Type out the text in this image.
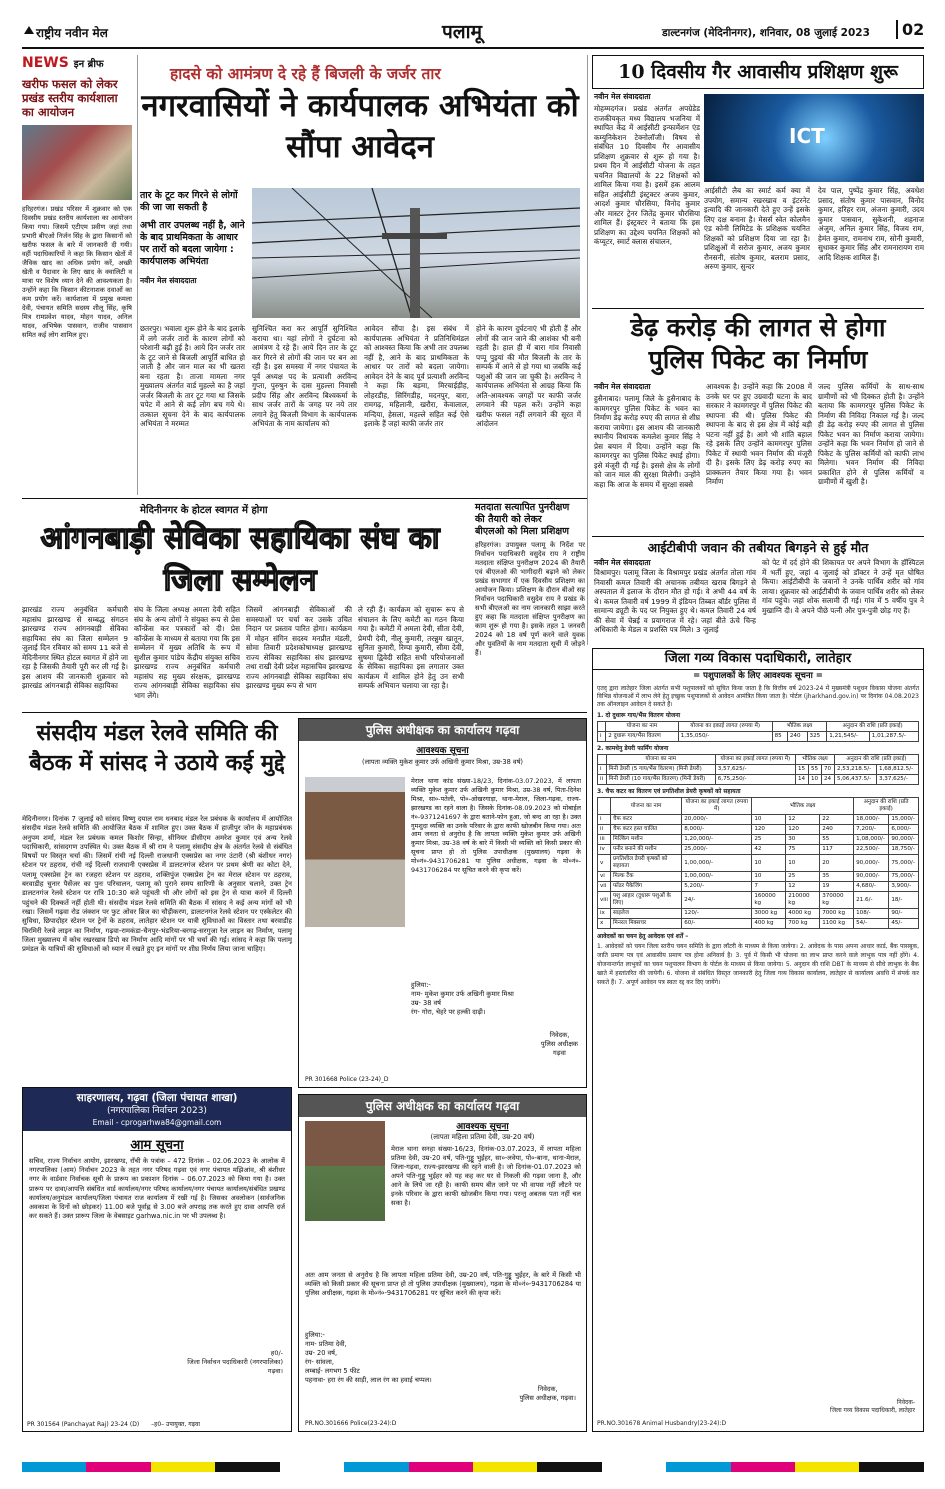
राष्ट्रीय नवीन मेल	पलामू	डाल्टनगंज (मेदिनीनगर), शनिवार, 08 जुलाई 2023	02
NEWS इन ब्रीफ
खरीफ फसल को लेकर प्रखंड स्तरीय कार्यशाला का आयोजन
हरिहरगंज। प्रखंड परिसर में शुक्रवार को एक दिवसीय प्रखंड स्तरीय कार्यशाला का आयोजन किया गया। जिसमें एटीएम प्रवीण जहां तथा प्रभारी बीएओ निर्जन सिंह के द्वारा किसानों को खरीफ फसल के बारे में जानकारी दी गयी। वहीं पदाधिकारियों ने कहा कि किसान खेतों में जैविक खाद का अधिक प्रयोग करें, अच्छी खेती व पैदावार के लिए खाद के क्वालिटी व मात्रा पर विशेष ध्यान देने की आवश्यकता है। उन्होंने कहा कि किसान कीटनाशक दवाओं का कम प्रयोग करें। कार्यशाला में प्रमुख कमला देवी, पंचायत समिति सदस्य शीलू सिंह, कृषि मित्र रामप्रवेश यादव, मोहन यादव, अनिल यादव, अभिषेक पासवान, राजीव पासवान समित कई लोग शामिल हुए।
हादसे को आमंत्रण दे रहे हैं बिजली के जर्जर तार
नगरवासियों ने कार्यपालक अभियंता को सौंपा आवेदन
तार के टूट कर गिरने से लोगों की जा जा सकती है
अभी तार उपलब्ध नहीं है, आने के बाद प्राथमिकता के आधार पर तारों को बदला जायेगा : कार्यपालक अभियंता
नवीन मेल संवाददाता
छतरपुर। भवाला शुरू होने के बाद इलाके में लगे जर्जर तारों के कारण लोगों को परेशानी बढ़ी हुई है। आये दिन जर्जर तार के टूट जाने से बिजली आपूर्ति बाधित हो जाती है और जान माल का भी खतरा बना रहता है। ताजा मामला नगर मुख्यालय अंतर्गत वार्ड मुहल्ले का है जहां जर्जर बिजली के तार टूट गया था जिसके चपेट में आने से कई लोग बच गये थे। तत्काल सूचना देने के बाद कार्यपालक अभियंता ने मरम्मत
सुनिश्चित करा कर आपूर्ति सुनिश्चित कराया था। यहां लोगों ने दुर्घटना को आमंत्रण दे रहे हैं। आये दिन तार के टूट कर गिरने से लोगों की जान पर बन आ रही है। इस समस्या में नगर पंचायत के पूर्व अध्यक्ष पद के प्रत्याशी अरविन्द गुप्ता, पुरुषुन के दास मुहल्ला निवासी प्रदीप सिंह और अरविन्द बिश्वकर्मा के साथ जर्जर तारों के जगह पर नये तार लगाने हेतु बिजली विभाग के कार्यपालक अभियंता के नाम कार्यालय को
आवेदन सौंपा है। इस संबंध में कार्यपालक अभियंता ने प्रतिनिधिमंडल को आश्वस्त किया कि अभी तार उपलब्ध नहीं है, आने के बाद प्राथमिकता के आधार पर तारों को बदला जायेगा। आवेदन देने के बाद पूर्व प्रत्याशी अरविन्द ने कहा कि बड़मा, मिरचाईड़ीह, लोहरडीह, सिरिंगडीह, मदनपुर, बारा, रामगढ़, महिलानी, खरौरा, केवालाल, मन्दिया, हेसला, महल्ले सहित कई ऐसे इलाके हैं जहां काफी जर्जर तार
होने के कारण दुर्घटनाएं भी होती हैं और लोगों की जान जाने की आशंका भी बनी रहती है। हाल ही में बारा गांव निवासी पप्पू पुइयां की मौत बिजली के तार के सम्पर्क में आने से हो गया था जबकि कई पशुओं की जान जा चुकी है। अरविन्द ने कार्यपालक अभियंता से आग्रह किया कि अति-आवश्यक जगहों पर काफी जर्जर लगवाने की पहल करें। उन्होंने कहा खरीफ फसल नहीं लगवाने की सूरत में आंदोलन
10 दिवसीय गैर आवासीय प्रशिक्षण शुरू
नवीन मेल संवाददाता
मोहम्मदगंज। प्रखंड अंतर्गत अपग्रेडेड राजकीयकृत मध्य विद्यालय भजनिया में स्थापित केंद्र में आईसीटी इन्फार्मेशन एंड कम्युनिकेशन टेक्नोलॉजी। विषय से संबंधित 10 दिवसीय गैर आवासीय प्रशिक्षण शुक्रवार से शुरू हो गया है। प्रथम दिन में आईसीटी योजना के तहत चयनित विद्यालयों के 22 शिक्षकों को शामिल किया गया है। इसमें हक आलम सहित आईसीटी इंस्ट्रक्टर अजय कुमार, आदर्श कुमार चौरसिया, विनोद कुमार और मास्टर ट्रेनर जितेंद्र कुमार चौरसिया शामिल हैं। इंस्ट्रक्टर ने बताया कि इस प्रशिक्षण का उद्देश्य चयनित शिक्षकों को कंप्यूटर, स्मार्ट क्लास संचालन,
ICT
आईसीटी लैब का स्मार्ट कर्म क्या में उपयोग, समान्य रखरखाव व इंटरनेट इत्यादि की जानकारी देते हुए उन्हें इसके लिए दक्ष बनाना है। मेसर्स स्वेत कोलमैन एंड कोनी लिमिटेड के प्रशिक्षक चयनित शिक्षकों को प्रशिक्षण दिया जा रहा है। प्रशिक्षुओं में सरोज कुमार, अजय कुमार रौनसनी, संतोष कुमार, बलराम प्रसाद, अरुण कुमार, सुन्दर
देव पाल, पुष्पेंद्र कुमार सिंह, अवधेश प्रसाद, संतोष कुमार पासवान, विनोद कुमार, हरिहर राम, अंजना कुमारी, उदय कुमार पासवान, सुकेशनी, शहनाज अंजुम, अनिल कुमार सिंह, विजय राम, हेमंत कुमार, रामनाथ राम, सोनी कुमारी, सुधाकर कुमार सिंह और रामनारायण राम आदि शिक्षक शामिल हैं।
डेढ़ करोड़ की लागत से होगा
पुलिस पिकेट का निर्माण
नवीन मेल संवाददाता
हुसैनाबाद। पलामू जिले के हुसैनाबाद के कामगरपुर पुलिस पिकेट के भवन का निर्माण डेढ़ करोड़ रुपए की लागत से शीघ्र कराया जायेगा। इस आशय की जानकारी स्थानीय विधायक कमलेश कुमार सिंह ने प्रेस बयान में दिया। उन्होंने कहा कि कामगरपुर का पुलिस पिकेट स्थाई होगा। इसे मंजूरी दी गई है। इससे क्षेत्र के लोगों को जान माल की सुरक्षा मिलेगी। उन्होंने कहा कि आज के समय में सुरक्षा सबसे
आवश्यक है। उन्होंने कहा कि 2008 में उनके घर पर हुए उग्रवादी घटना के बाद सरकार ने कामगरपुर में पुलिस पिकेट की स्थापना की थी। पुलिस पिकेट की स्थापना के बाद से इस क्षेत्र में कोई बड़ी घटना नहीं हुई है। आगे भी शांति बहाल रहे इसके लिए उन्होंने कामगरपुर पुलिस पिकेट में स्थायी भवन निर्माण की मंजूरी दी है। इसके लिए डेढ़ करोड़ रुपए का प्राक्कलन तैयार किया गया है। भवन निर्माण
जल्द पुलिस कर्मियों के साथ-साथ ग्रामीणों को भी दिक्कत होती है। उन्होंने बताया कि कामगरपुर पुलिस पिकेट के निर्माण की निविदा निकाल गई है। जल्द ही डेढ़ करोड़ रुपए की लागत से पुलिस पिकेट भवन का निर्माण कराया जायेगा। उन्होंने कहा कि भवन निर्माण हो जाने से पिकेट के पुलिस कर्मियों को काफी लाभ मिलेगा। भवन निर्माण की निविदा प्रकाशित होने से पुलिस कर्मियों व ग्रामीणों में खुशी है।
मेदिनीनगर के होटल स्वागत में होगा
आंगनबाड़ी सेविका सहायिका संघ का जिला सम्मेलन
झारखंड राज्य अनुबंधित कर्मचारी महासंघ झारखण्ड से सम्बद्ध संगठन झारखण्ड राज्य आंगनबाड़ी सेविका सहायिका संघ का जिला सम्मेलन 9 जुलाई दिन रविवार को समय 11 बजे से मेदिनीनगर स्थित होटल स्वागत में होने जा रहा है जिसकी तैयारी पूरी कर ली गई है। इस आशय की जानकारी शुक्रवार को झारखंड आंगनबाड़ी सेविका सहायिका
संघ के जिला अध्यक्ष अमला देवी सहित संघ के अन्य लोगों ने संयुक्त रूप से प्रेस कॉन्फ्रेंस कर पत्रकारों को दी। प्रेस कॉन्फ्रेंस के माध्यम से बताया गया कि इस सम्मेलन में मुख्य अतिथि के रूप में सुशील कुमार पांडेय केंद्रीय संयुक्त सचिव झारखण्ड राज्य अनुबंधित कर्मचारी महासंघ सह मुख्य संरक्षक, झारखण्ड राज्य आंगनबाड़ी सेविका सहायिका संघ भाग लेंगे।
जिसमें आंगनबाड़ी सेविकाओं की समस्याओं पर चर्चा कर उसके उचित निदान पर प्रस्ताव पारित होगा। कार्यक्रम में मोहन संगिन सदस्य मनप्रीत मंडली, सोमा तिवारी प्रदेशकोषाध्यक्ष झारखण्ड राज्य सेविका सहायिका संघ झारखण्ड तथा राखी देवी प्रदेश महासचिव झारखण्ड राज्य आंगनबाड़ी सेविका सहायिका संघ झारखण्ड मुख्य रूप से भाग
ले रही हैं। कार्यक्रम को सुचारू रूप से संचालन के लिए कमेटी का गठन किया गया है। कमेटी में अमला देवी, सीता देवी, प्रेमपी देवी, नीलू कुमारी, तरन्नुम खातून, सुनिता कुमारी, रिम्पा कुमारी, सीमा देवी, सुषमा द्विवेदी सहित सभी परियोजनाओं के सेविका सहायिका इस लगातार उक्त कार्यक्रम में शामिल होने हेतु उन सभी सम्पर्क अभियान चलाया जा रहा है।
मतदाता सत्यापित पुनरीक्षण
की तैयारी को लेकर
बीएलओ को मिला प्रशिक्षण
हरिहरगंज। उपायुक्त पलामू के निर्देश पर निर्वाचन पदाधिकारी वसुदेव राय ने राष्ट्रीय मतदाता संक्षिप्त पुनरीक्षण 2024 की तैयारी एवं बीएलओ की भागीदारी बढ़ाने को लेकर प्रखंड सभागार में एक दिवसीय प्रशिक्षण का आयोजन किया। प्रशिक्षण के दौरान बीओ सह निर्वाचन पदाधिकारी वसुदेव राय ने प्रखंड के सभी बीएलओ का नाम जानकारी साझा करते हुए कहा कि मतदाता संक्षिप्त पुनरीक्षण का काम शुरू हो गया है। इसके तहत 1 जनवरी 2024 को 18 वर्ष पूर्ण करने वाले युवक और युवतियों के नाम मतदाता सूची में जोड़ने हैं।
आईटीबीपी जवान की तबीयत बिगड़ने से हुई मौत
नवीन मेल संवाददाता
विश्रामपुर। पलामू जिला के विश्रामपुर प्रखंड अंतर्गत तोला गांव निवासी कमल तिवारी की अचानक तबीयत खराब बिगड़ने से अस्पताल में इलाज के दौरान मौत हो गई। वे अभी 44 वर्ष के थे। कमल तिवारी वर्ष 1999 में इंडियन तिब्बत बॉर्डर पुलिस में सामान्य ड्यूटी के पद पर नियुक्त हुए थे। कमल तिवारी 24 वर्ष की सेवा में चेन्नई व प्रयागराज में रहे। जहां बीते ऊंचे चिन्ह अधिकारी के मेडल व प्रशस्ति पत्र मिले। 3 जुलाई
को पेट में दर्द होने की शिकायत पर अपने विभाग के हॉस्पिटल में भर्ती हुए, जहां 4 जुलाई को डॉक्टर ने उन्हें मृत घोषित किया। आईटीबीपी के जवानों ने उनके पार्थिव शरीर को गांव लाया। शुक्रवार को आईटीबीपी के जवान पार्थिव शरीर को लेकर गांव पहुंचे। जहां शोक सलामी दी गई। गांव में 5 वर्षीय पुत्र ने मुखाग्नि दी। वे अपने पीछे पत्नी और पुत्र-पुत्री छोड़ गए हैं।
संसदीय मंडल रेलवे समिति की बैठक में सांसद ने उठाये कई मुद्दे
मेदिनीनगर। दिनांक 7 जुलाई को सांसद विष्णु दयाल राम धनबाद मंडल रेल प्रबंधक के कार्यालय में आयोजित संसदीय मंडल रेलवे समिति की आयोजित बैठक में शामिल हुए। उक्त बैठक में हाजीपुर जोन के महाप्रबंधक अनुपम शर्मा, मंडल रेल प्रबंधक कमल किशोर सिन्हा, सीनियर डीसीएम अमरेश कुमार एवं अन्य रेलवे पदाधिकारी, सांसदगण उपस्थित थे। उक्त बैठक में श्री राम ने पलामू संसदीय क्षेत्र के अंतर्गत रेलवे से संबंधित विषयों पर विस्तृत चर्चा की। जिसमें रांची नई दिल्ली राजधानी एक्सप्रेस का नगर उंटारी (श्री बंशीधर नगर) स्टेशन पर ठहराव, रांची नई दिल्ली राजधानी एक्सप्रेस में डालटनगंज स्टेशन पर प्रथम श्रेणी का कोटा देने, पलामू एक्सप्रेस ट्रेन का रजहरा स्टेशन पर ठहराव, शक्तिपुंज एक्सप्रेस ट्रेन का मेराल स्टेशन पर ठहराव, बरवाडीह चुनार पैसेंजर का पुनः परिचालन, पलामू को पुराने समय सारिणी के अनुसार चलाने, उक्त ट्रेन डालटनगंज रेलवे स्टेशन पर रात्रि 10:30 बजे पहुंचती थी और लोगों को इस ट्रेन से यात्रा करने में दिल्ली पहुंचने की दिक्कतें नहीं होती थी। संसदीय मंडल रेलवे समिति की बैठक में सांसद ने कई अन्य मांगों को भी रखा। जिसमें गढ़वा रोड जंक्शन पर फुट ओवर ब्रिज का चौड़ीकरण, डालटनगंज रेलवे स्टेशन पर एस्केलेटर की सुविधा, छिपादोहर स्टेशन पर ट्रेनों के ठहराव, लातेहार स्टेशन पर यात्री सुविधाओं का विस्तार तथा बरवाडीह चिरमिरी रेलवे लाइन का निर्माण, गढ़वा-रामकंडा-चैनपुर-भंडरिया-बरगढ़-सरगुजा रेल लाइन का निर्माण, पलामू जिला मुख्यालय में कोच रखरखाव डिपो का निर्माण आदि मांगों पर भी चर्चा की गई। सांसद ने कहा कि पलामू प्रमंडल के यात्रियों की सुविधाओं को ध्यान में रखते हुए इन मांगों पर शीघ्र निर्णय लिया जाना चाहिए।
साहरणालय, गढ़वा (जिला पंचायत शाखा)
(नगरपालिका निर्वाचन 2023)
Email - cprogarhwa84@gmail.com
आम सूचना
सचिव, राज्य निर्वाचन आयोग, झारखण्ड, राँची के पत्रांक – 472 दिनांक – 02.06.2023 के आलोक में नगरपालिका (आम) निर्वाचन 2023 के तहत नगर परिषद गढ़वा एवं नगर पंचायत मझिआंव, श्री बंशीधर नगर के वार्डवार निर्वाचक सूची के प्रारूप का प्रकाशन दिनांक – 06.07.2023 को किया गया है। उक्त प्रारूप पर दावा/आपत्ति संबंधित वार्ड कार्यालय/नगर परिषद कार्यालय/नगर पंचायत कार्यालय/संबंधित प्रखण्ड कार्यालय/अनुमंडल कार्यालय/जिला पंचायत राज कार्यालय में रखी गई है। जिसका अवलोकन (सार्वजनिक अवकाश के दिनों को छोड़कर) 11.00 बजे पूर्वाह्न से 3.00 बजे अपराह्न तक करते हुए दावा आपत्ति दर्ज कर सकते हैं। उक्त प्रारूप जिला के वेबसाइट garhwa.nic.in पर भी उपलब्ध है।
ह0/-
जिला निर्वाचन पदाधिकारी (नगरपालिका)
गढ़वा।
PR 301564 (Panchayat Raj) 23-24 (D) –ह0– उपायुक्त, गढ़वा
पुलिस अधीक्षक का कार्यालय गढ़वा
आवश्यक सूचना
(लापता व्यक्ति मुकेश कुमार उर्फ अखिनी कुमार मिश्रा, उम्र-38 वर्ष)
मेराल थाना कांड संख्या-18/23, दिनांक-03.07.2023, में लापता व्यक्ति मुकेश कुमार उर्फ अखिनी कुमार मिश्रा, उम्र-38 वर्ष, पिता-दिनेश मिश्रा, सा०-पतेली, पो०-ओखरगाड़ा, थाना-मेराल, जिला-गढ़वा, राज्य-झारखण्ड का रहने वाला है। जिसके दिनांक-08.09.2023 को मोबाईल नं०-9371241697 के द्वारा बताने-फोन हुआ, जो बन्द आ रहा है। उक्त गुमशुदा व्यक्ति का उनके परिवार के द्वारा काफी खोजबीन किया गया। अतः आम जनता से अनुरोध है कि लापता व्यक्ति मुकेश कुमार उर्फ अखिनी कुमार मिश्रा, उम्र-38 वर्ष के बारे में किसी भी व्यक्ति को किसी प्रकार की सूचना प्राप्त हो तो पुलिस उपाधीक्षक (मुख्यालय) गढ़वा के मो०नं०-9431706281 या पुलिस अधीक्षक, गढ़वा के मो०नं०- 9431706284 पर सूचित करने की कृपा करें।
हुलिया:-
नाम- मुकेश कुमार उर्फ अखिनी कुमार मिश्रा
उम्र- 38 वर्ष
रंग- गोरा, चेहरे पर हल्की दाढ़ी।
निवेदक,
पुलिस अधीक्षक
गढ़वा
PR 301668 Police (23-24)_D
पुलिस अधीक्षक का कार्यालय गढ़वा
आवश्यक सूचना
(लापता महिला प्रतिमा देवी, उम्र-20 वर्ष)
मेराल थाना सनहा संख्या-16/23, दिनांक-03.07.2023, में लापता महिला प्रतिमा देवी, उम्र-20 वर्ष, पति-गुड्डू भुईंहर, सा०-लवेया, पो०-बाना, थाना-मेराल, जिला-गढ़वा, राज्य-झारखण्ड की रहने वाली है। जो दिनांक-01.07.2023 को अपने पति-गुड्डू भुईंहर को यह कह कर घर से निकली की गढ़वा जाना है, और आने के लिये जा रही है। काफी समय बीत जाने पर भी वापस नहीं लौटने पर इनके परिवार के द्वारा काफी खोजबीन किया गया। परन्तु अबतक पता नहीं चल सका है।
अतः आम जनता से अनुरोध है कि लापता महिला प्रतिमा देवी, उम्र-20 वर्ष, पति-गुड्डू भुईंहर, के बारे में किसी भी व्यक्ति को किसी प्रकार की सूचना प्राप्त हो तो पुलिस उपाधीक्षक (मुख्यालय), गढ़वा के मो०नं०-9431706284 या पुलिस अधीक्षक, गढ़वा के मो०नं०-9431706281 पर सूचित करने की कृपा करें।
हुलिया:-
नाम- प्रतिमा देवी,
उम्र- 20 वर्ष,
रंग- सांवला,
लम्बाई- लगभग 5 फीट
पहनावा- हरा रंग की साड़ी, लाल रंग का हवाई चप्पल।
निवेदक,
पुलिस अधीक्षक, गढ़वा।
PR.NO.301666 Police(23-24):D
जिला गव्य विकास पदाधिकारी, लातेहार
= पशुपालकों के लिए आवश्यक सूचना =
एतद् द्वारा लातेहार जिला अंतर्गत सभी पशुपालकों को सूचित किया जाता है कि वित्तीय वर्ष 2023-24 में मुख्यमंत्री पशुधन विकास योजना अंतर्गत विभिन्न योजनाओं में लाभ लेने हेतु इच्छुक पशुपालकों से आवेदन आमंत्रित किया जाता है। पोर्टल (jharkhand.gov.in) पर दिनांक 04.08.2023 तक ऑनलाइन आवेदन दे सकते हैं।
1. दो दुधारू गाय/भैंस वितरण योजना
	योजना का नाम	योजना का इकाई लागत (रुपया में)	भौतिक लक्ष्य			अनुदान की राशि (प्रति इकाई)	
i	2 दुधारू गाय/भैंस वितरण	1,35,050/-	85	240	325	1,21,545/-	1,01,287.5/-
2. कामधेनु डेयरी फार्मिंग योजना
	योजना का नाम	योजना का इकाई लागत (रुपया में)	भौतिक लक्ष्य			अनुदान की राशि (प्रति इकाई)	
i	मिनी डेयरी (5 गाय/भैंस वितरण) (मिनी डेयरी)	3,57,625/-	15	55	70	2,53,218.5/-	1,68,812.5/-
ii	मिनी डेयरी (10 गाय/भैंस वितरण) (मिनी डेयरी)	6,75,250/-	14	10	24	5,06,437.5/-	3,37,625/-
3. चैफ कटर का वितरण एवं प्रगतिशील डेयरी कृषकों को सहायता
	योजना का नाम	योजना का इकाई लागत (रुपया में)	भौतिक लक्ष्य			अनुदान की राशि (प्रति इकाई)	
i	चैफ कटर	20,000/-	10	12	22	18,000/-	15,000/-
ii	चैफ कटर हस्त चालित	8,000/-	120	120	240	7,200/-	6,000/-
iii	मिल्किंग मशीन	1,20,000/-	25	30	55	1,08,000/-	90,000/-
iv	पनीर बनाने की मशीन	25,000/-	42	75	117	22,500/-	18,750/-
v	प्रगतिशील डेयरी कृषकों को सहायता	1,00,000/-	10	10	20	90,000/-	75,000/-
vi	मिल्क टैंक	1,00,000/-	10	25	35	90,000/-	75,000/-
vii	फॉडर पैकेजिंग	5,200/-	7	12	19	4,680/-	3,900/-
viii	पशु आहार (दुधारू पशुओं के लिए)	24/-	160000 kg	210000 kg	370000 kg	21.6/-	18/-
ix	साइलेज	120/-	3000 kg	4000 kg	7000 kg	108/-	90/-
x	मिनरल मिक्सचर	60/-	400 kg	700 kg	1100 kg	54/-	45/-
आवेदकों का चयन हेतु आवेदक एवं शर्तें –
1. आवेदकों को चयन जिला स्तरीय चयन समिति के द्वारा लॉटरी के माध्यम से किया जायेगा। 2. आवेदक के पास अपना आधार कार्ड, बैंक पासबुक, जाति प्रमाण पत्र एवं आवासीय प्रमाण पत्र होना अनिवार्य है। 3. पूर्व में किसी भी योजना का लाभ प्राप्त करने वाले लाभुक पात्र नहीं होंगे। 4. योजनान्तर्गत लाभुकों का चयन पशुपालन विभाग के पोर्टल के माध्यम से किया जायेगा। 5. अनुदान की राशि DBT के माध्यम से सीधे लाभुक के बैंक खाते में हस्तांतरित की जायेगी। 6. योजना से संबंधित विस्तृत जानकारी हेतु जिला गव्य विकास कार्यालय, लातेहार से कार्यालय अवधि में संपर्क कर सकते हैं। 7. अपूर्ण आवेदन पत्र स्वतः रद्द कर दिए जायेंगे।
निवेदक-
जिला गव्य विकास पदाधिकारी, लातेहार
PR.NO.301678 Animal Husbandry(23-24):D
